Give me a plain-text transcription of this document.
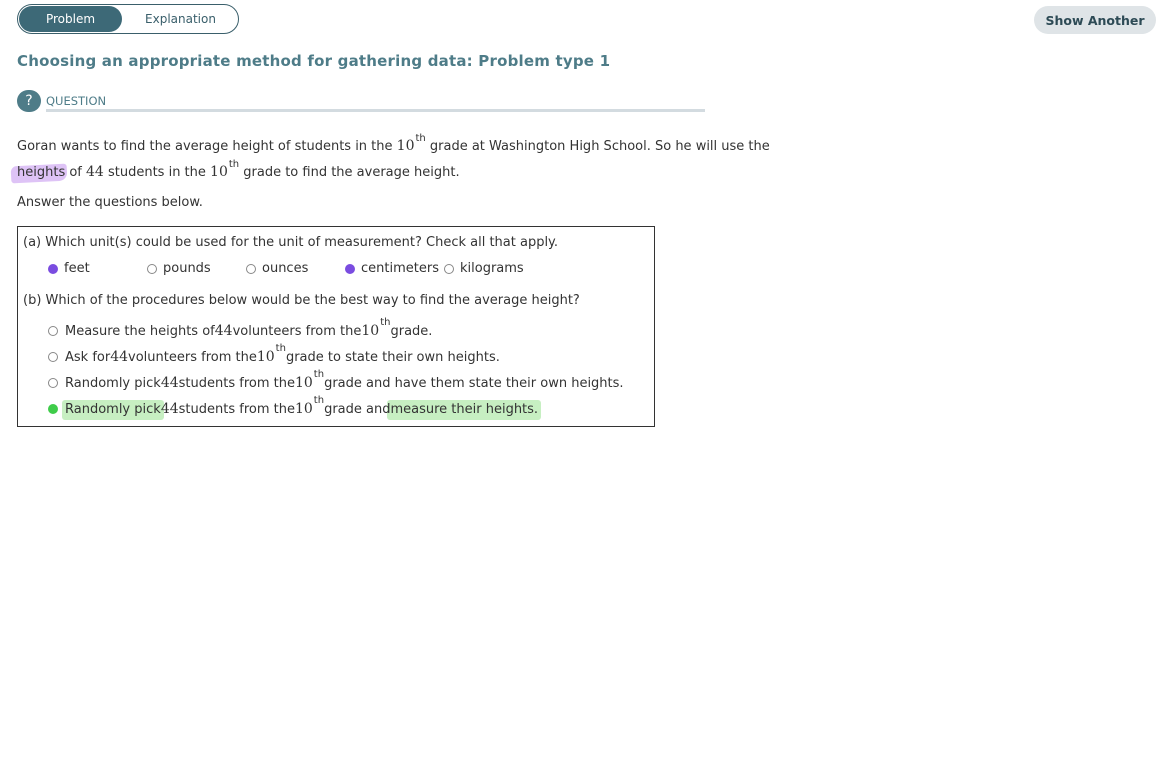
Problem	Explanation	Show Another
Choosing an appropriate method for gathering data: Problem type 1
?	QUESTION
Goran wants to find the average height of students in the 10th grade at Washington High School. So he will use the
heights of 44 students in the 10th grade to find the average height.
Answer the questions below.
(a) Which unit(s) could be used for the unit of measurement? Check all that apply.
feet	pounds	ounces	centimeters kilograms
(b) Which of the procedures below would be the best way to find the average height?
Measure the heights of 44 volunteers from the 10
th
grade.
Ask for 44 volunteers from the 10
th
grade to state their own heights.
Randomly pick 44 students from the 10
th
grade and have them state their own heights.
Randomly pick 44 students from the 10
th
grade and measure their heights.
